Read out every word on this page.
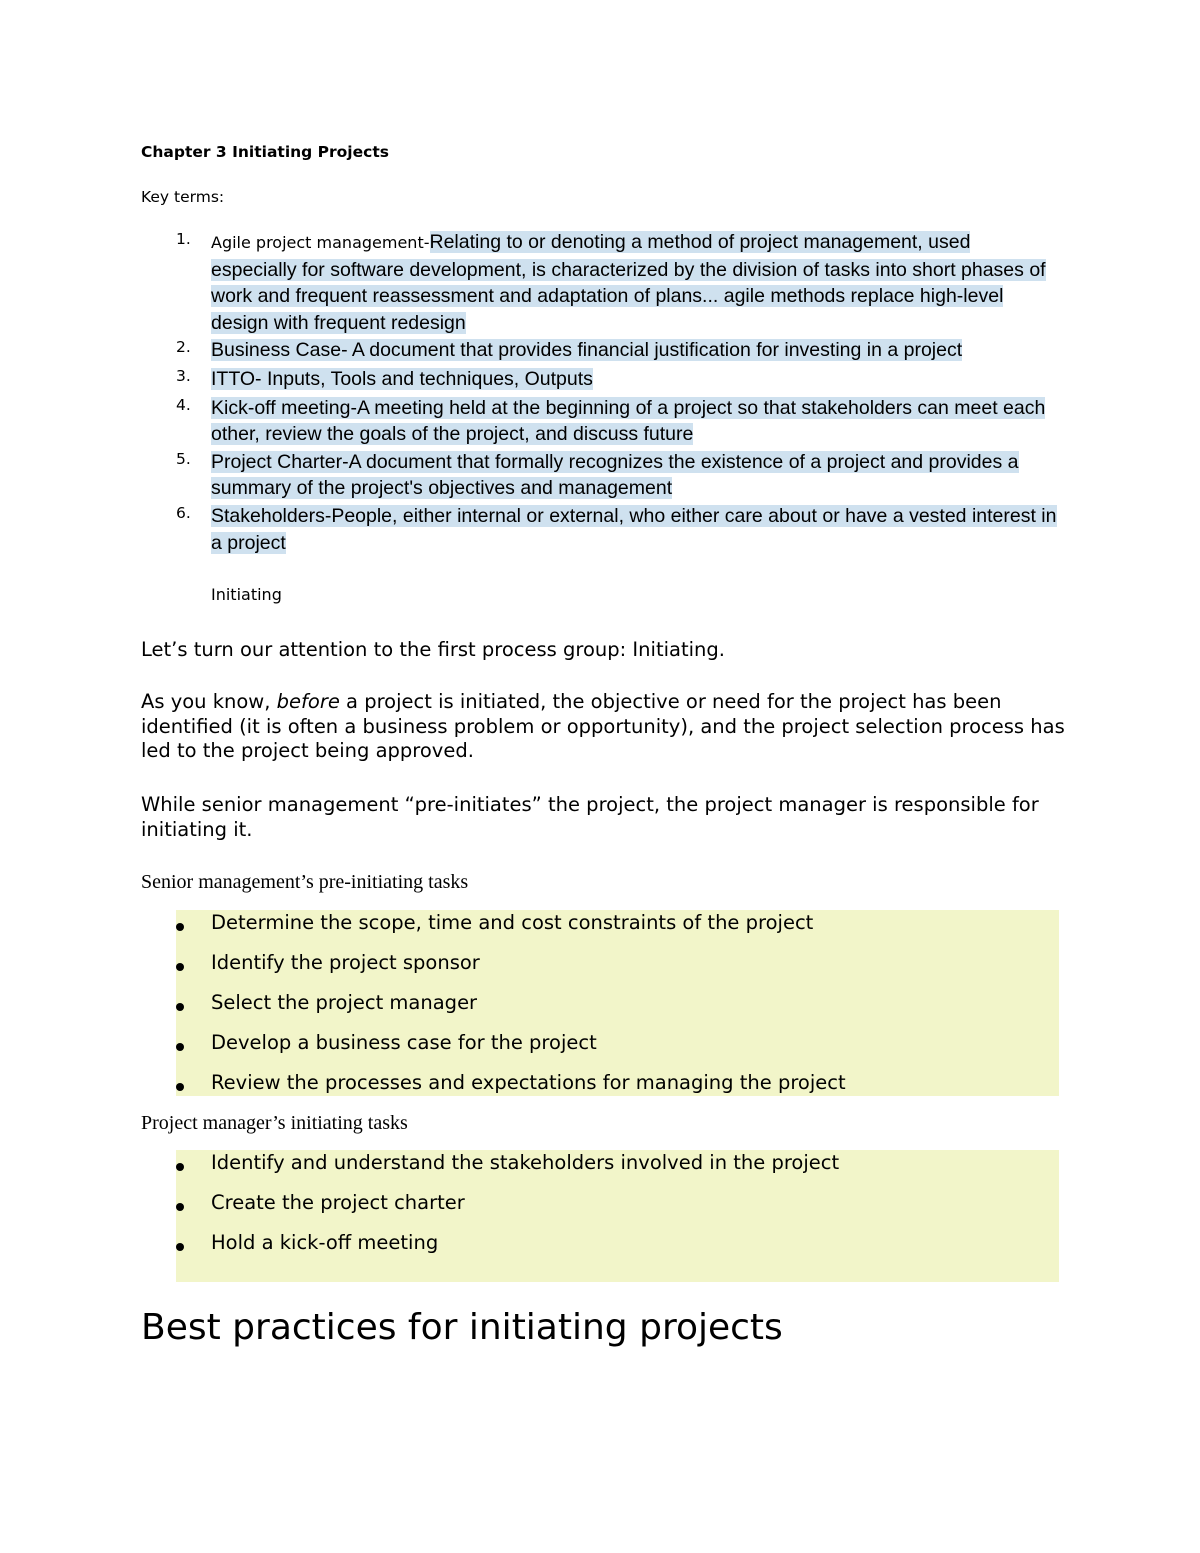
Chapter 3 Initiating Projects
Key terms:
1. Agile project management-Relating to or denoting a method of project management, used especially for software development, is characterized by the division of tasks into short phases of work and frequent reassessment and adaptation of plans... agile methods replace high-level design with frequent redesign
2. Business Case- A document that provides financial justification for investing in a project
3. ITTO- Inputs, Tools and techniques, Outputs
4. Kick-off meeting-A meeting held at the beginning of a project so that stakeholders can meet each other, review the goals of the project, and discuss future
5. Project Charter-A document that formally recognizes the existence of a project and provides a summary of the project's objectives and management
6. Stakeholders-People, either internal or external, who either care about or have a vested interest in a project
Initiating

Let’s turn our attention to the first process group: Initiating.

As you know, before a project is initiated, the objective or need for the project has been identified (it is often a business problem or opportunity), and the project selection process has led to the project being approved.

While senior management “pre-initiates” the project, the project manager is responsible for initiating it.

Senior management’s pre-initiating tasks
Determine the scope, time and cost constraints of the project
Identify the project sponsor
Select the project manager
Develop a business case for the project
Review the processes and expectations for managing the project
Project manager’s initiating tasks
Identify and understand the stakeholders involved in the project
Create the project charter
Hold a kick-off meeting
Best practices for initiating projects
